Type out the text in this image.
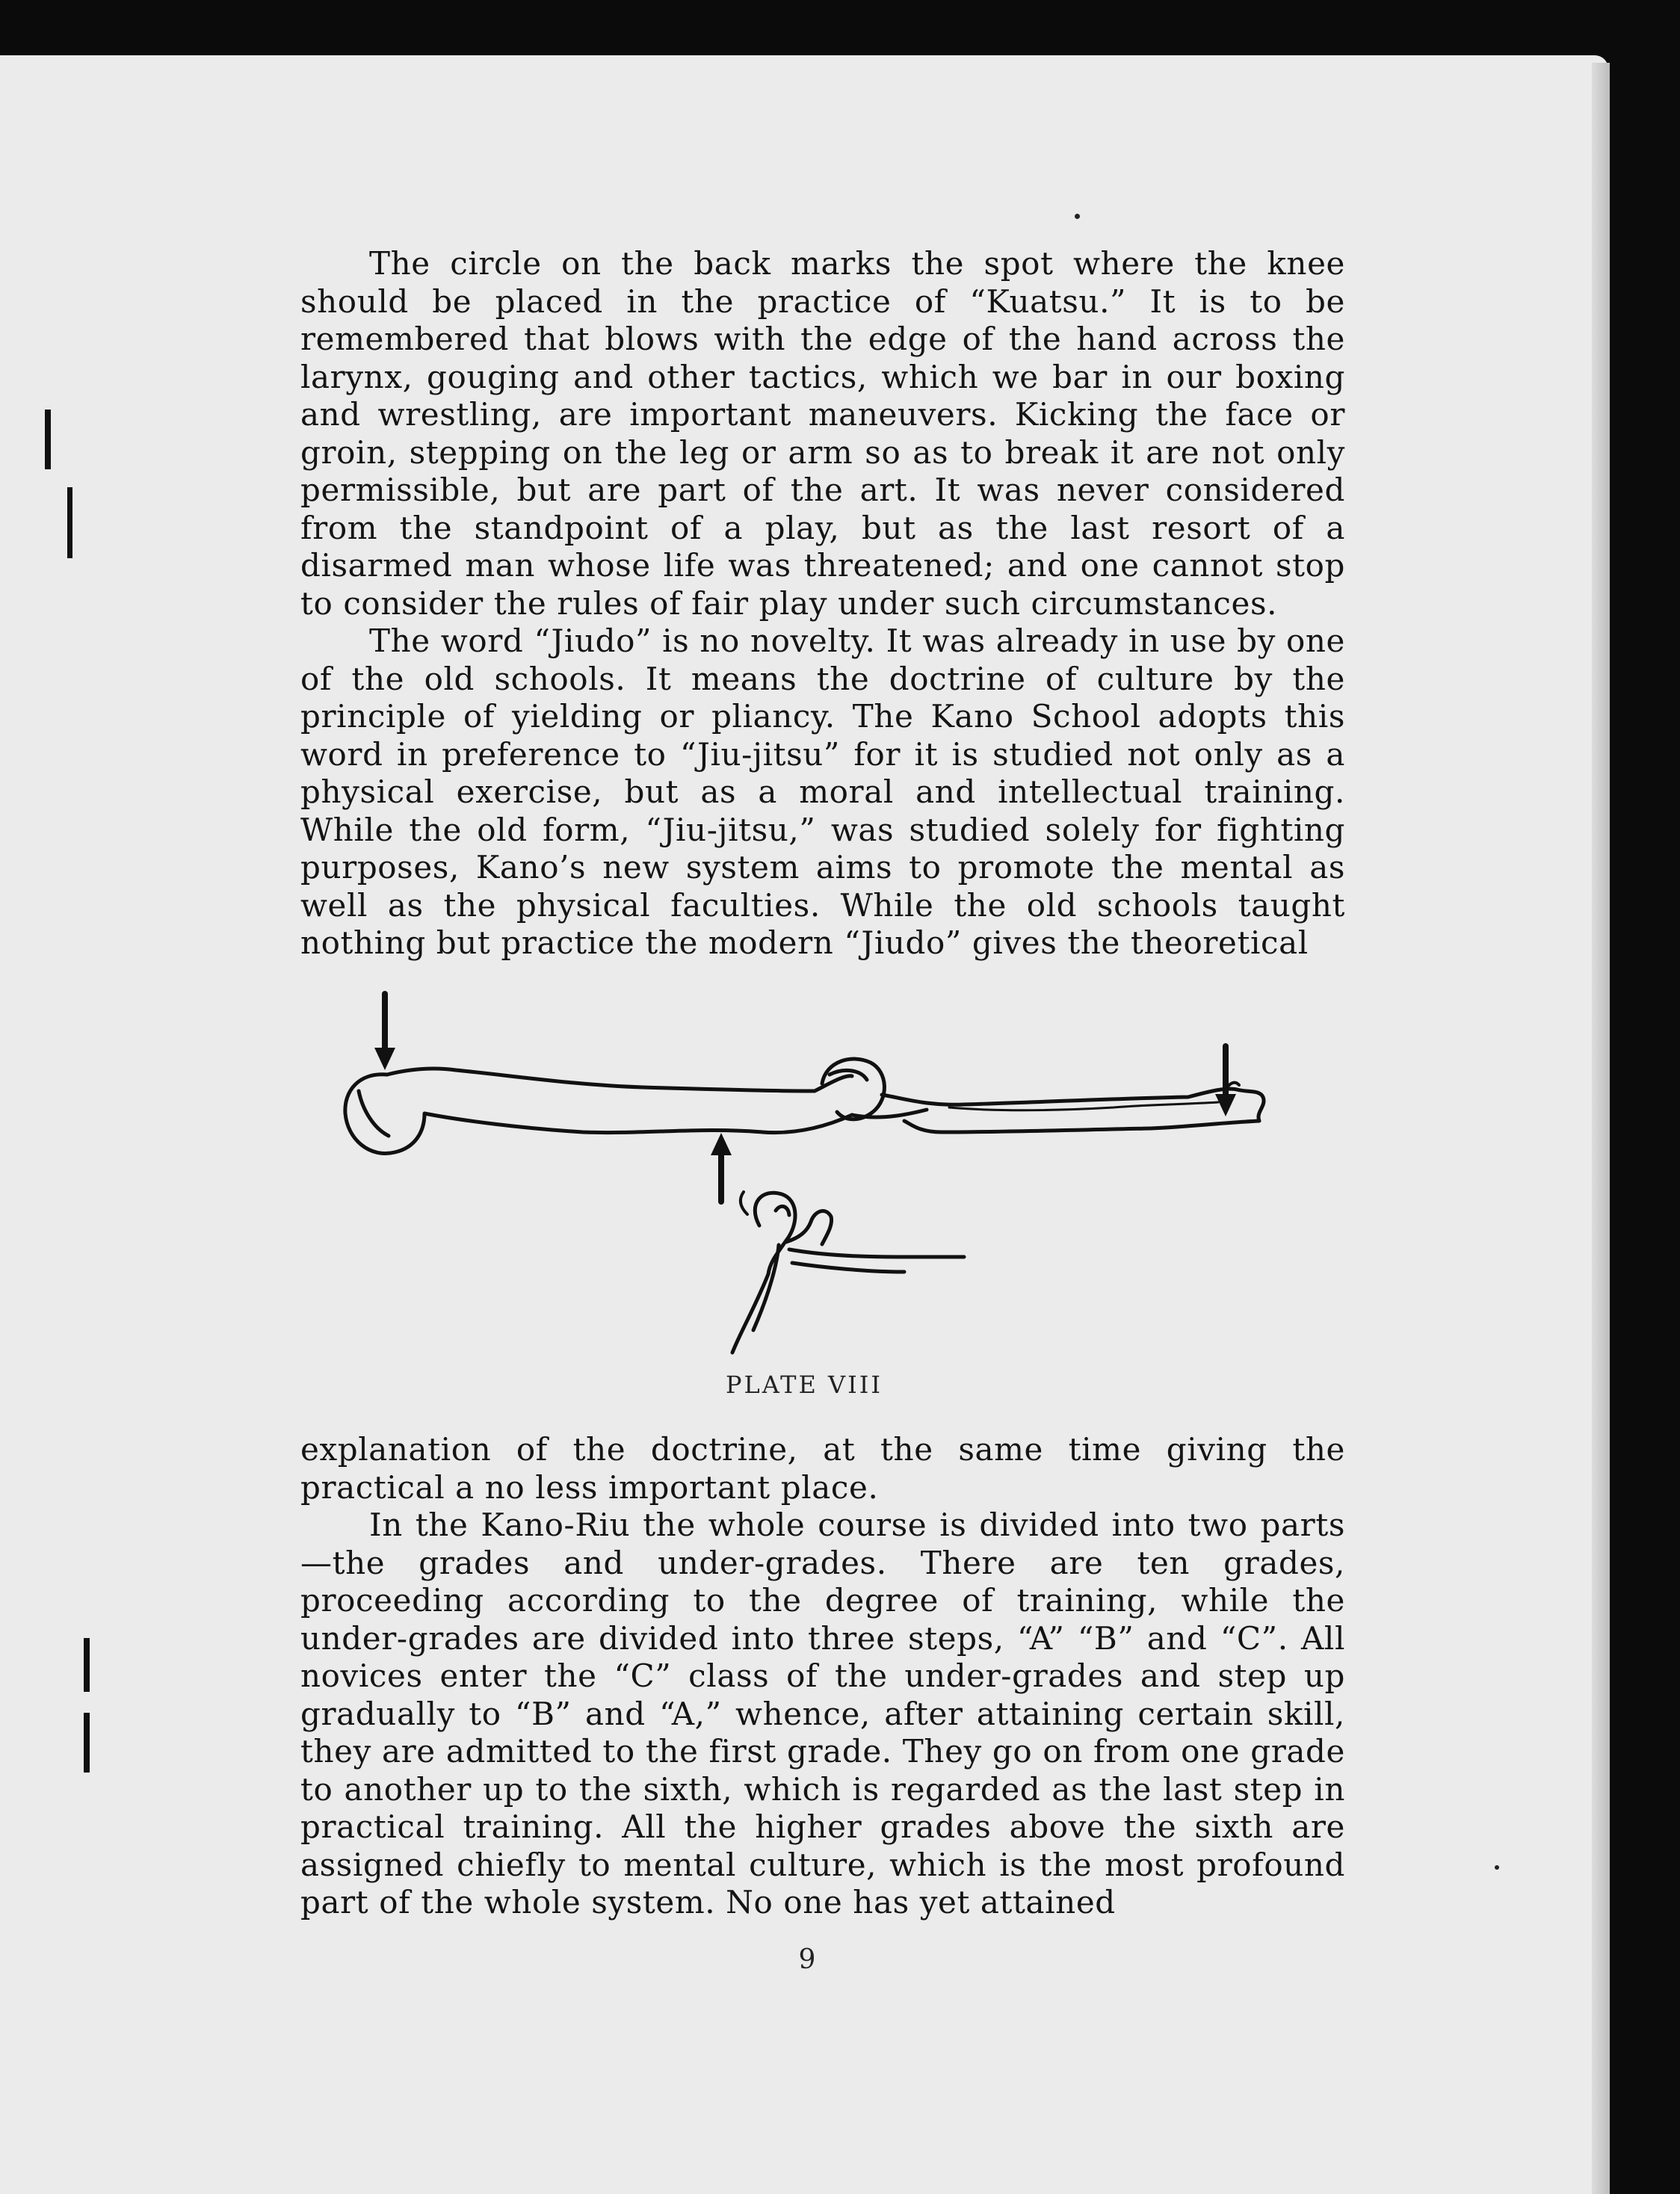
The circle on the back marks the spot where the knee should be placed in the practice of “Kuatsu.” It is to be remembered that blows with the edge of the hand across the larynx, gouging and other tactics, which we bar in our boxing and wrestling, are important maneuvers. Kicking the face or groin, stepping on the leg or arm so as to break it are not only permissible, but are part of the art. It was never considered from the standpoint of a play, but as the last resort of a disarmed man whose life was threatened; and one cannot stop to consider the rules of fair play under such circumstances.

The word “Jiudo” is no novelty. It was already in use by one of the old schools. It means the doctrine of culture by the principle of yielding or pliancy. The Kano School adopts this word in preference to “Jiu-jitsu” for it is studied not only as a physical exercise, but as a moral and intellectual training. While the old form, “Jiu-jitsu,” was studied solely for fighting purposes, Kano’s new system aims to promote the mental as well as the physical faculties. While the old schools taught nothing but practice the modern “Jiudo” gives the theoretical

PLATE VIII

explanation of the doctrine, at the same time giving the practical a no less important place.

In the Kano-Riu the whole course is divided into two parts—the grades and under-grades. There are ten grades, proceeding according to the degree of training, while the under-grades are divided into three steps, “A” “B” and “C”. All novices enter the “C” class of the under-grades and step up gradually to “B” and “A,” whence, after attaining certain skill, they are admitted to the first grade. They go on from one grade to another up to the sixth, which is regarded as the last step in practical training. All the higher grades above the sixth are assigned chiefly to mental culture, which is the most profound part of the whole system. No one has yet attained

9
